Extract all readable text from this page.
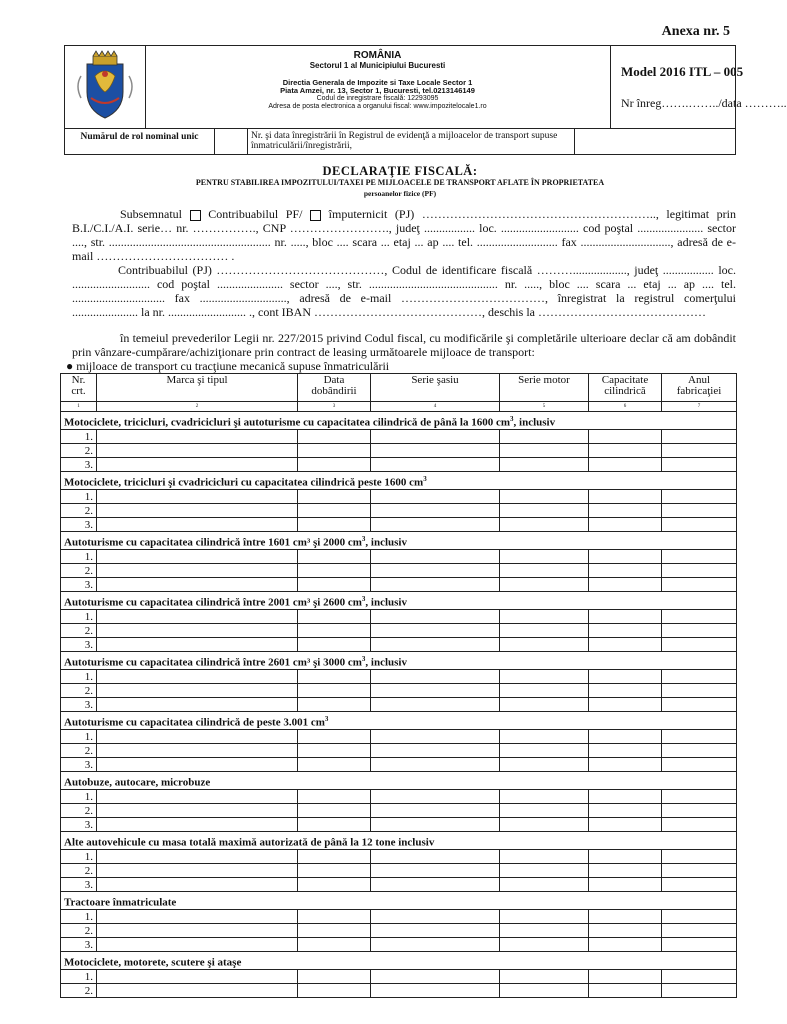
Anexa nr. 5
ROMÂNIA
Sectorul 1 al Municipiului Bucuresti
Directia Generala de Impozite si Taxe Locale Sector 1
Piata Amzei, nr. 13, Sector 1, Bucuresti, tel.0213146149
Codul de inregistrare fiscală: 12293095
Adresa de posta electronica a organului fiscal: www.impozitelocale1.ro
Model 2016 ITL – 005
Nr înreg…….……../data ………..
Numărul de rol nominal unic	Nr. şi data înregistrării în Registrul de evidenţă a mijloacelor de transport supuse înmatriculării/înregistrării,
DECLARAŢIE FISCALĂ:
PENTRU STABILIREA IMPOZITULUI/TAXEI PE MIJLOACELE DE TRANSPORT AFLATE ÎN PROPRIETATEA
persoanelor fizice (PF)
Subsemnatul Contribuabilul PF/ împuternicit (PJ) ………………………………………………….., legitimat prin B.I./C.I./A.I. serie… nr. ……………., CNP ……………………., judeţ ................. loc. .......................... cod poştal ...................... sector ...., str. ...................................................... nr. ....., bloc .... scara ... etaj ... ap .... tel. ........................... fax .............................., adresă de e-mail …………………………… .
Contribuabilul (PJ) ……………………………………, Codul de identificare fiscală ……….................., judeţ ................. loc. .......................... cod poştal ...................... sector ...., str. ........................................... nr. ....., bloc .... scara ... etaj ... ap .... tel. ............................... fax ............................., adresă de e-mail ………………………………, înregistrat la registrul comerţului ...................... la nr. .......................... ., cont IBAN ……………………………………, deschis la ……………………………………
în temeiul prevederilor Legii nr. 227/2015 privind Codul fiscal, cu modificările şi completările ulterioare declar că am dobândit prin vânzare-cumpărare/achiziţionare prin contract de leasing următoarele mijloace de transport:
● mijloace de transport cu tracţiune mecanică supuse înmatriculării
Nr. crt.	Marca şi tipul	Data dobândirii	Serie şasiu	Serie motor	Capacitate cilindrică	Anul fabricaţiei
1	2	3	4	5	6	7
Motociclete, tricicluri, cvadricicluri şi autoturisme cu capacitatea cilindrică de până la 1600 $cm^3$, inclusiv						
1.						
2.						
3.						
Motociclete, tricicluri şi cvadricicluri cu capacitatea cilindrică peste 1600 $cm^3$
1.						
2.						
3.						
Autoturisme cu capacitatea cilindrică între 1601 cm³ şi 2000 $cm^3$, inclusiv						
1.						
2.						
3.						
Autoturisme cu capacitatea cilindrică între 2001 cm³ şi 2600 $cm^3$, inclusiv						
1.						
2.						
3.						
Autoturisme cu capacitatea cilindrică între 2601 cm³ şi 3000 $cm^3$, inclusiv						
1.						
2.						
3.						
Autoturisme cu capacitatea cilindrică de peste 3.001 $cm^3$
1.						
2.						
3.						
Autobuze, autocare, microbuze						
1.						
2.						
3.						
Alte autovehicule cu masa totală maximă autorizată de până la 12 tone inclusiv						
1.						
2.						
3.						
Tractoare înmatriculate						
1.						
2.						
3.						
Motociclete, motorete, scutere şi ataşe						
1.						
2.						
